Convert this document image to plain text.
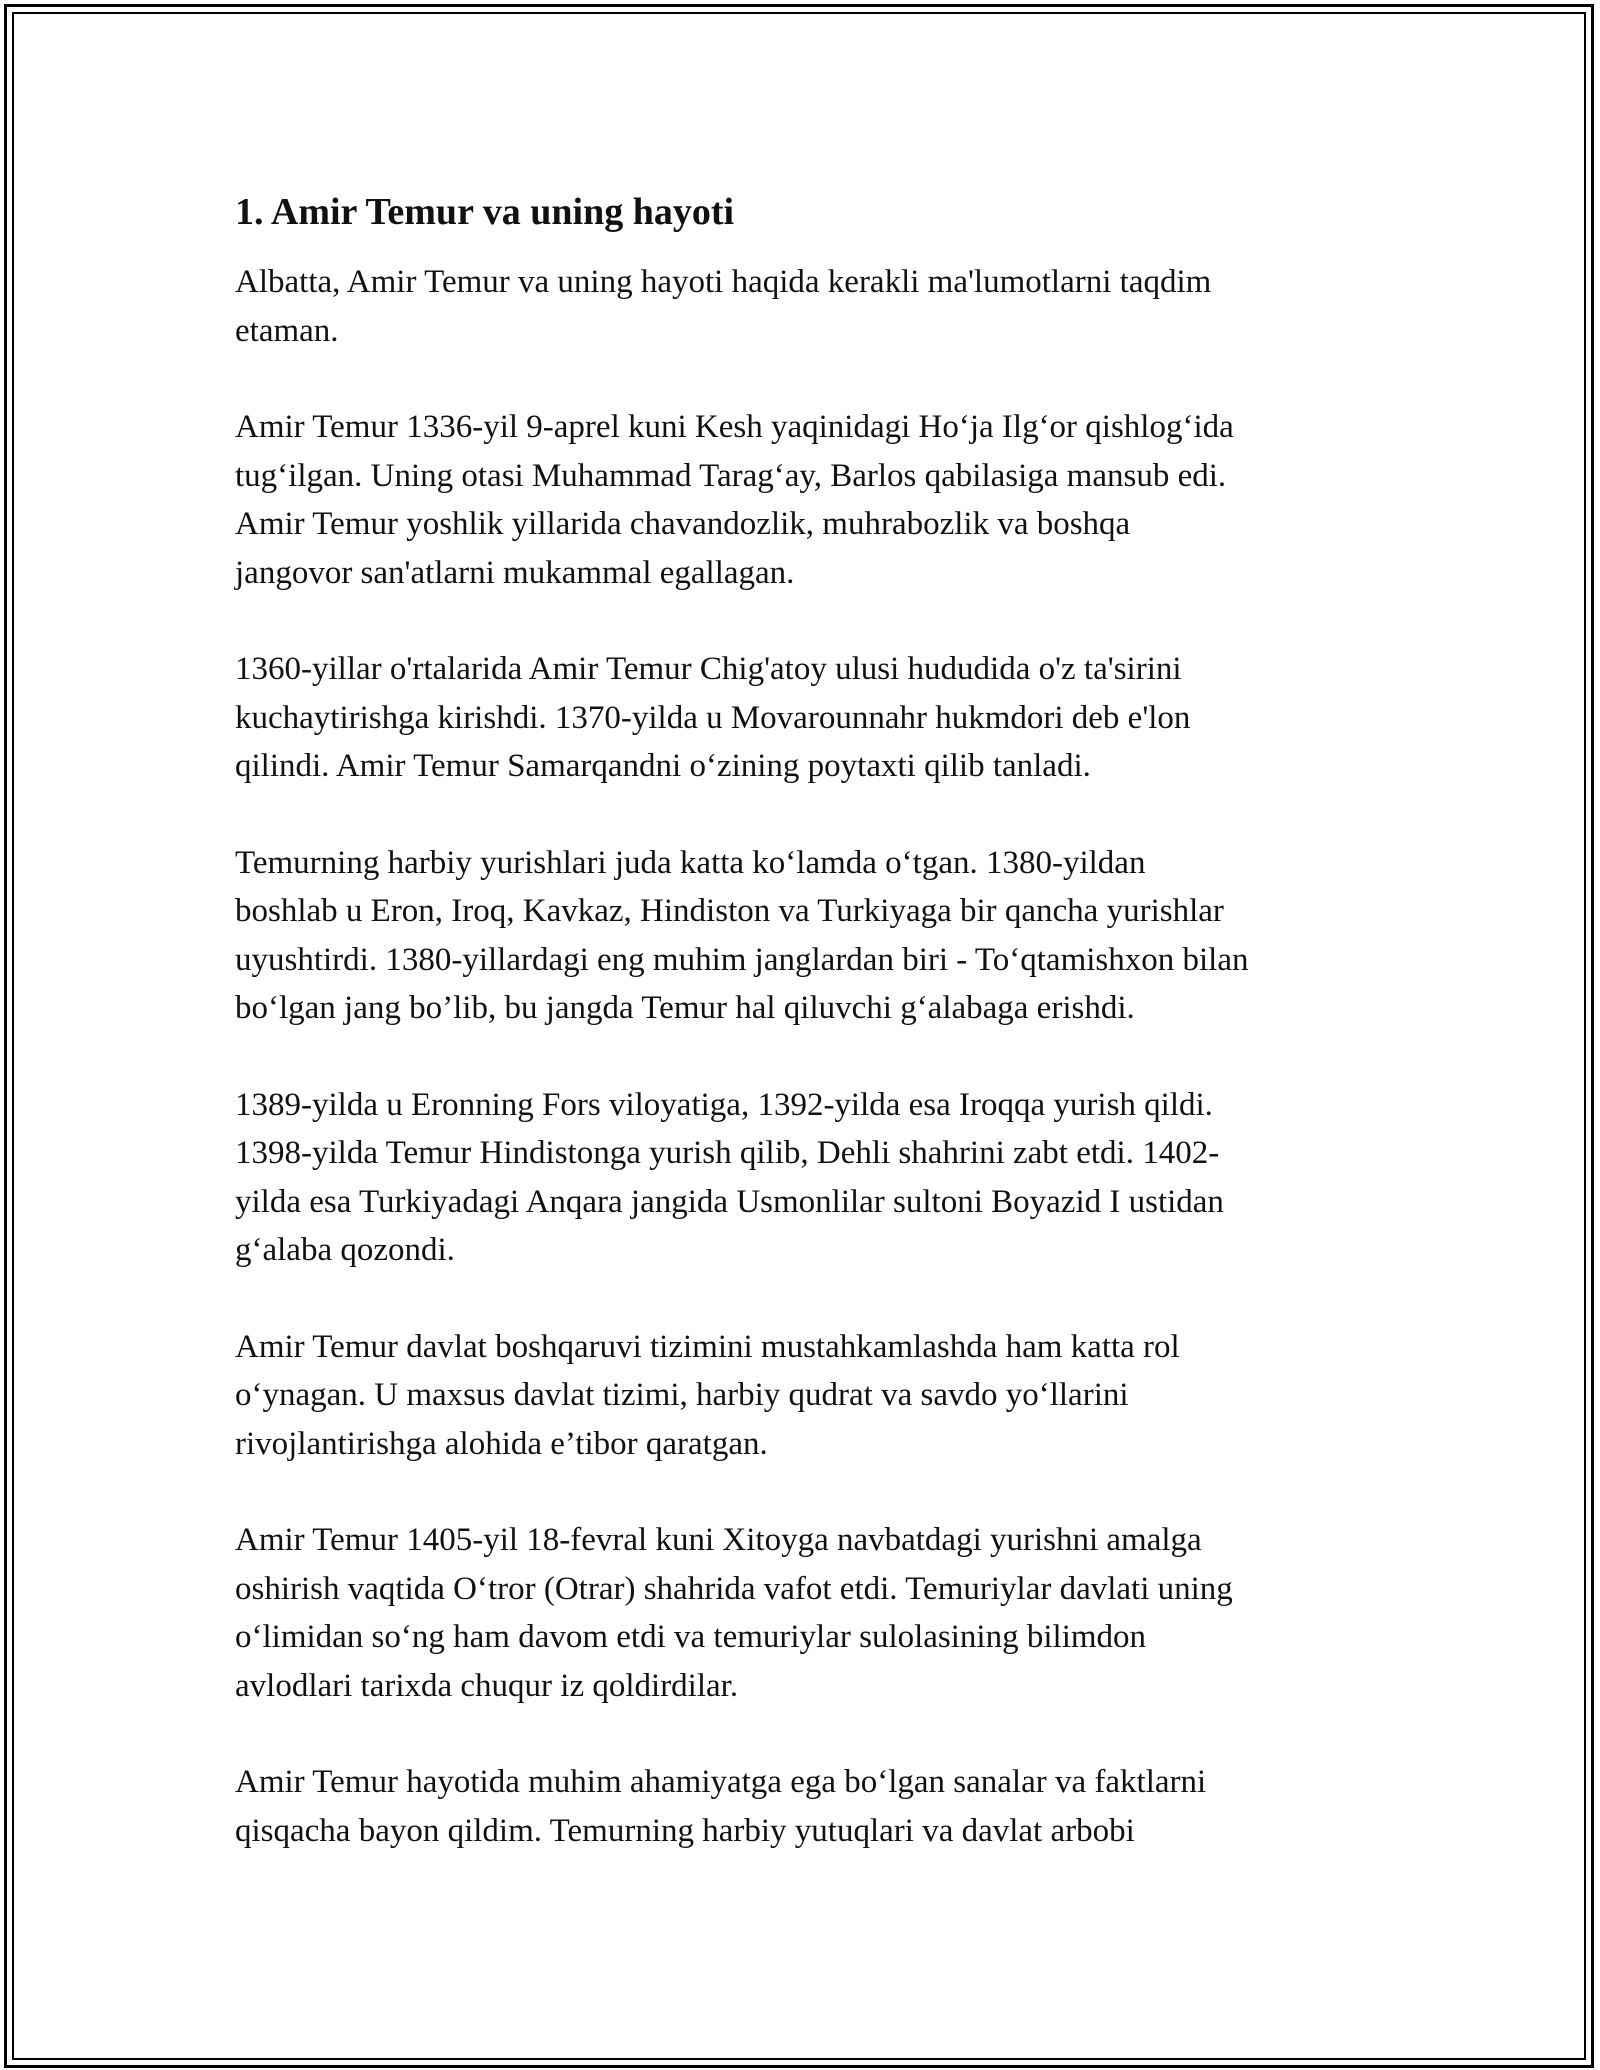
1. Amir Temur va uning hayoti

Albatta, Amir Temur va uning hayoti haqida kerakli ma'lumotlarni taqdim
etaman.

Amir Temur 1336-yil 9-aprel kuni Kesh yaqinidagi Ho‘ja Ilg‘or qishlog‘ida
tug‘ilgan. Uning otasi Muhammad Tarag‘ay, Barlos qabilasiga mansub edi.
Amir Temur yoshlik yillarida chavandozlik, muhrabozlik va boshqa
jangovor san'atlarni mukammal egallagan.

1360-yillar o'rtalarida Amir Temur Chig'atoy ulusi hududida o'z ta'sirini
kuchaytirishga kirishdi. 1370-yilda u Movarounnahr hukmdori deb e'lon
qilindi. Amir Temur Samarqandni o‘zining poytaxti qilib tanladi.

Temurning harbiy yurishlari juda katta ko‘lamda o‘tgan. 1380-yildan
boshlab u Eron, Iroq, Kavkaz, Hindiston va Turkiyaga bir qancha yurishlar
uyushtirdi. 1380-yillardagi eng muhim janglardan biri - To‘qtamishxon bilan
bo‘lgan jang bo’lib, bu jangda Temur hal qiluvchi g‘alabaga erishdi.

1389-yilda u Eronning Fors viloyatiga, 1392-yilda esa Iroqqa yurish qildi.
1398-yilda Temur Hindistonga yurish qilib, Dehli shahrini zabt etdi. 1402-
yilda esa Turkiyadagi Anqara jangida Usmonlilar sultoni Boyazid I ustidan
g‘alaba qozondi.

Amir Temur davlat boshqaruvi tizimini mustahkamlashda ham katta rol
o‘ynagan. U maxsus davlat tizimi, harbiy qudrat va savdo yo‘llarini
rivojlantirishga alohida e’tibor qaratgan.

Amir Temur 1405-yil 18-fevral kuni Xitoyga navbatdagi yurishni amalga
oshirish vaqtida O‘tror (Otrar) shahrida vafot etdi. Temuriylar davlati uning
o‘limidan so‘ng ham davom etdi va temuriylar sulolasining bilimdon
avlodlari tarixda chuqur iz qoldirdilar.

Amir Temur hayotida muhim ahamiyatga ega bo‘lgan sanalar va faktlarni
qisqacha bayon qildim. Temurning harbiy yutuqlari va davlat arbobi
